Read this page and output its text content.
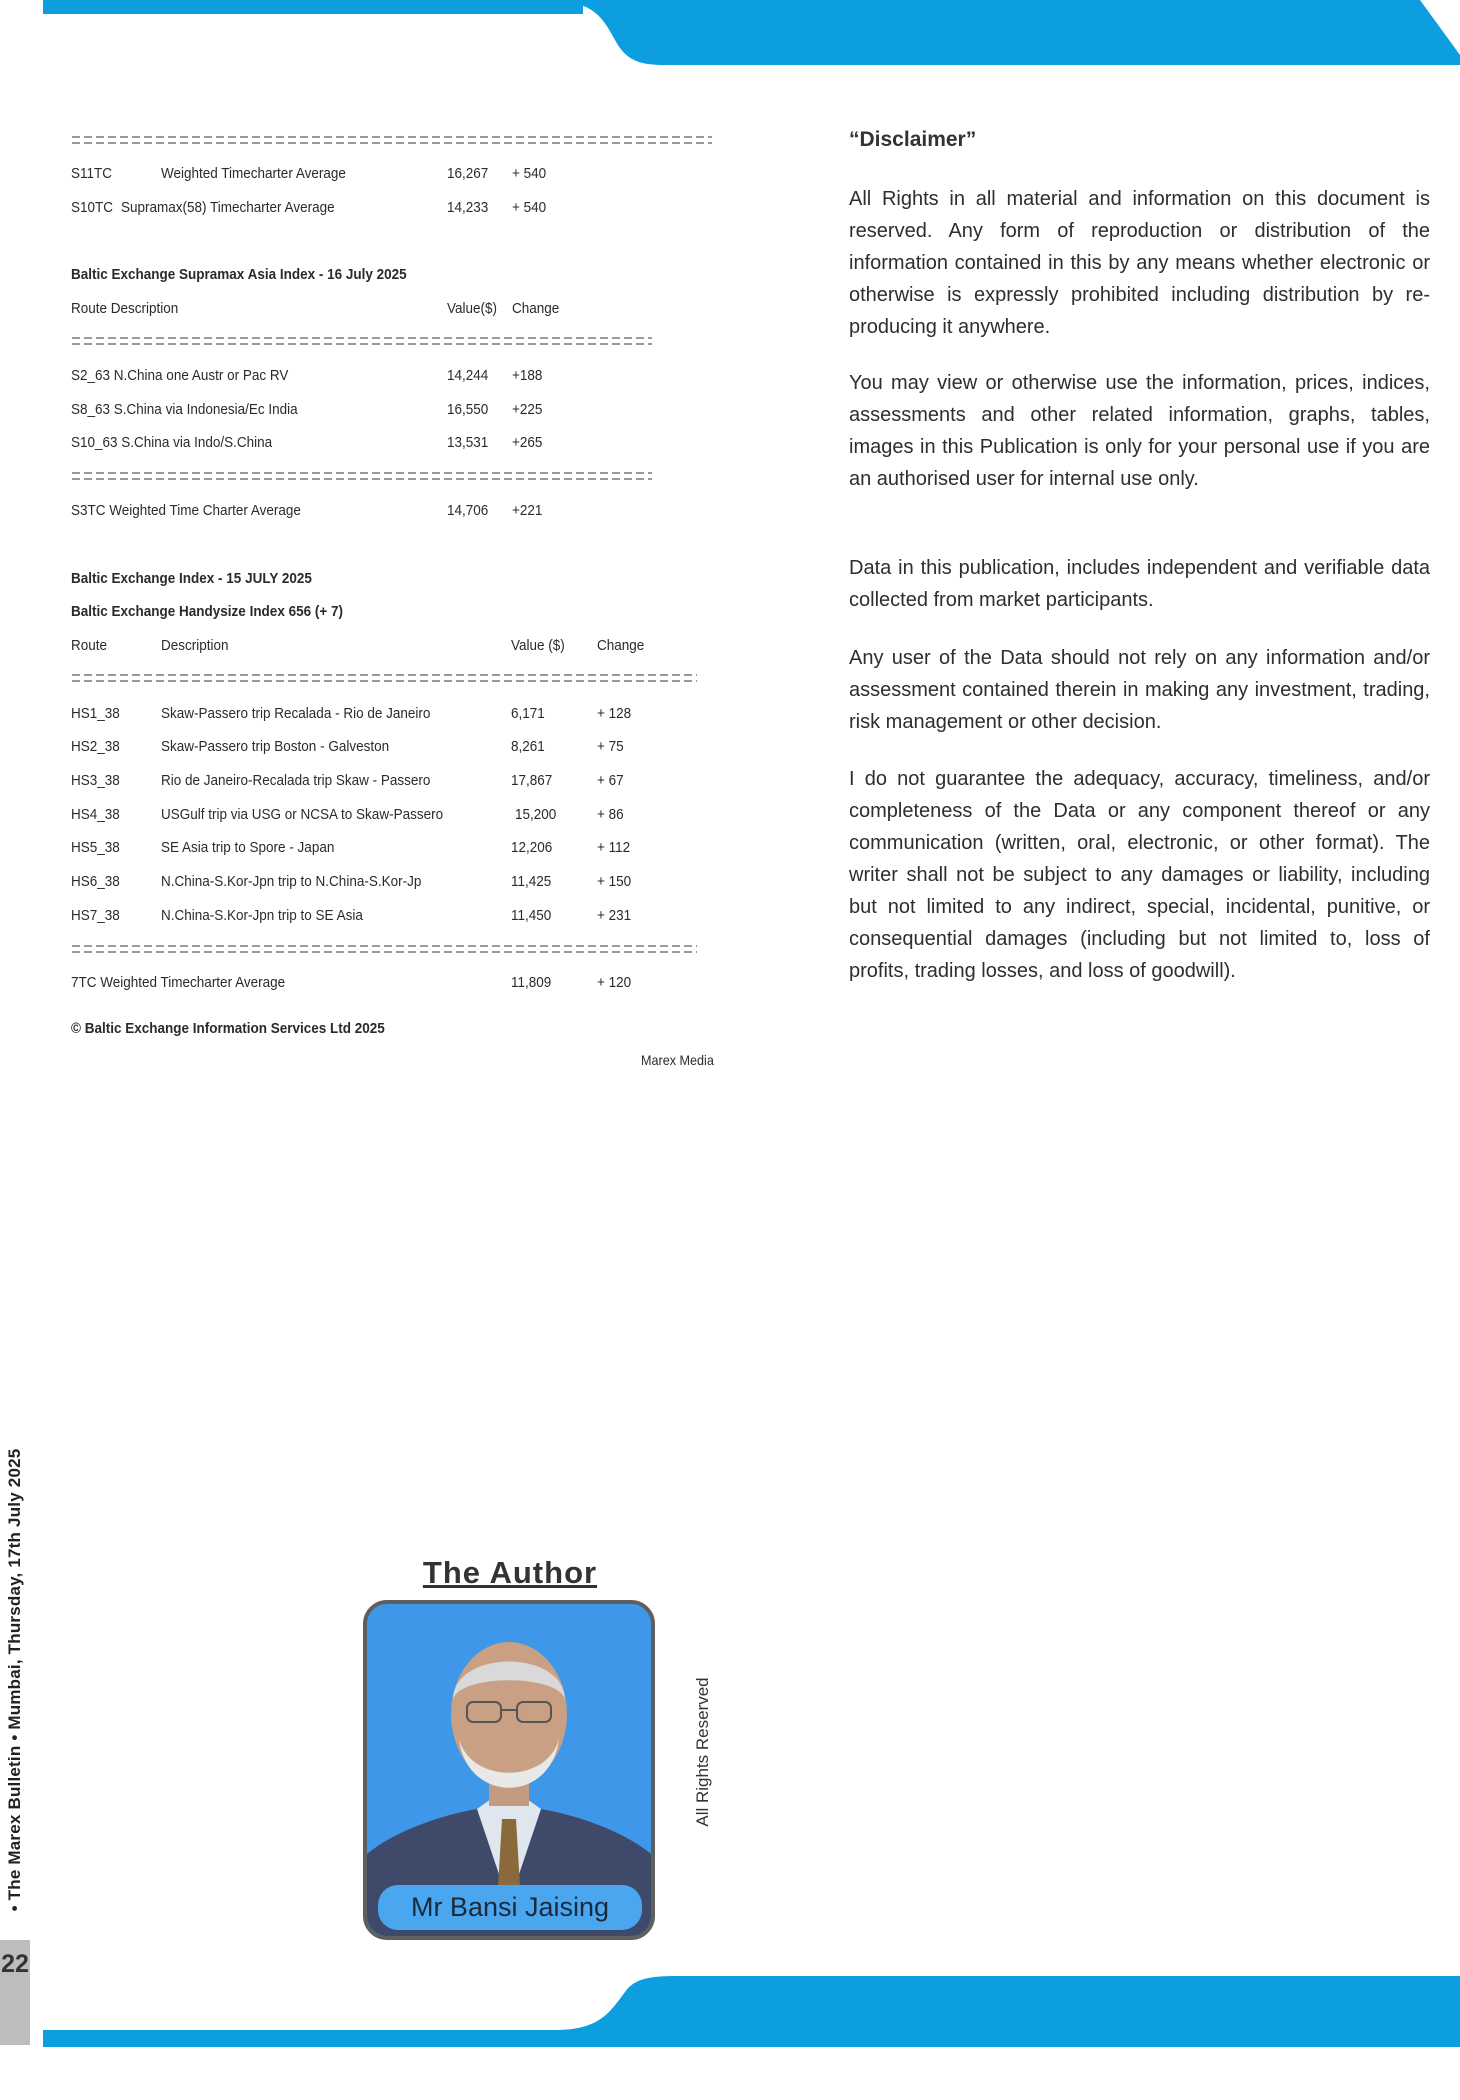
• The Marex Bulletin • Mumbai, Thursday, 17th July 2025
22
S11TC	Weighted Timecharter Average	16,267 + 540
S10TC Supramax(58) Timecharter Average	14,233 + 540
Baltic Exchange Supramax Asia Index - 16 July 2025
Route Description	Value($) Change
S2_63 N.China one Austr or Pac RV	14,244 +188
S8_63 S.China via Indonesia/Ec India	16,550 +225
S10_63 S.China via Indo/S.China	13,531 +265
S3TC Weighted Time Charter Average	14,706 +221
Baltic Exchange Index - 15 JULY 2025
Baltic Exchange Handysize Index 656 (+ 7)
Route	Description	Value ($) Change
HS1_38	Skaw-Passero trip Recalada - Rio de Janeiro	6,171	+ 128
HS2_38	Skaw-Passero trip Boston - Galveston	8,261	+ 75
HS3_38	Rio de Janeiro-Recalada trip Skaw - Passero	17,867	+ 67
HS4_38	USGulf trip via USG or NCSA to Skaw-Passero	15,200	+ 86
HS5_38	SE Asia trip to Spore - Japan	12,206	+ 112
HS6_38	N.China-S.Kor-Jpn trip to N.China-S.Kor-Jp	11,425	+ 150
HS7_38	N.China-S.Kor-Jpn trip to SE Asia	11,450	+ 231
7TC Weighted Timecharter Average	11,809	+ 120
© Baltic Exchange Information Services Ltd 2025
Marex Media
“Disclaimer”
All Rights in all material and information on this document is reserved. Any form of reproduction or distribution of the information contained in this by any means whether electronic or otherwise is expressly prohibited including distribution by re- producing it anywhere.
You may view or otherwise use the information, prices, indices, assessments and other related information, graphs, tables, images in this Publication is only for your personal use if you are an authorised user for internal use only.
Data in this publication, includes independent and verifiable data collected from market participants.
Any user of the Data should not rely on any information and/or assessment contained therein in making any investment, trading, risk management or other decision.
I do not guarantee the adequacy, accuracy, timeliness, and/or completeness of the Data or any component thereof or any communication (written, oral, electronic, or other format). The writer shall not be subject to any damages or liability, including but not limited to any indirect, special, incidental, punitive, or consequential damages (including but not limited to, loss of profits, trading losses, and loss of goodwill).
The Author
Mr Bansi Jaising
All Rights Reserved
